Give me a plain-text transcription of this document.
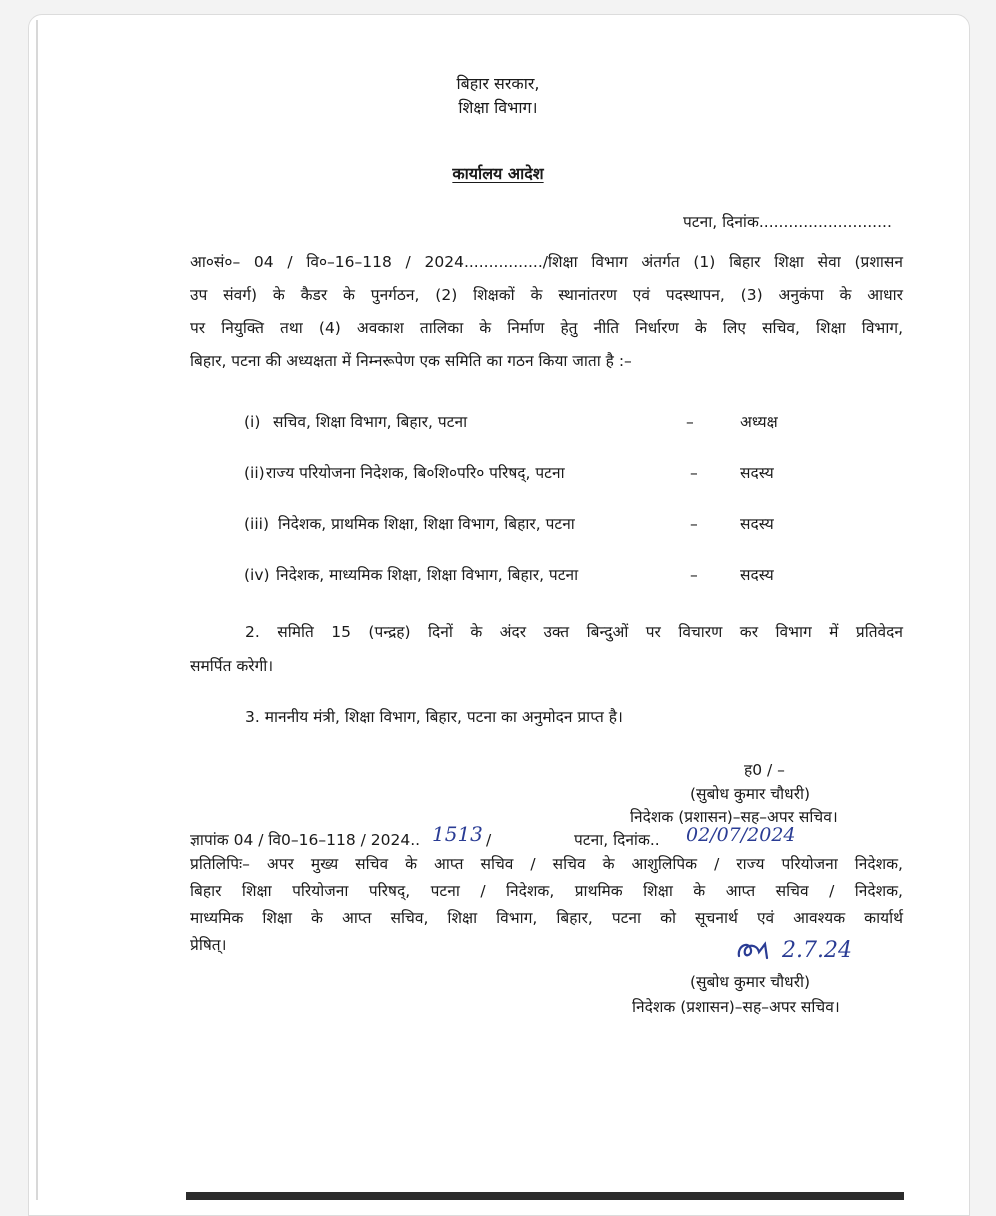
बिहार सरकार,
शिक्षा विभाग।
कार्यालय आदेश
पटना, दिनांक...........................
आ०सं०– 04 / वि०–16–118 / 2024................/शिक्षा विभाग अंतर्गत (1) बिहार शिक्षा सेवा (प्रशासन
उप संवर्ग) के कैडर के पुनर्गठन, (2) शिक्षकों के स्थानांतरण एवं पदस्थापन, (3) अनुकंपा के आधार
पर नियुक्ति तथा (4) अवकाश तालिका के निर्माण हेतु नीति निर्धारण के लिए सचिव, शिक्षा विभाग,
बिहार, पटना की अध्यक्षता में निम्नरूपेण एक समिति का गठन किया जाता है :–
(i) सचिव, शिक्षा विभाग, बिहार, पटना	–	अध्यक्ष
(ii) राज्य परियोजना निदेशक, बि०शि०परि० परिषद्, पटना	–	सदस्य
(iii) निदेशक, प्राथमिक शिक्षा, शिक्षा विभाग, बिहार, पटना	–	सदस्य
(iv) निदेशक, माध्यमिक शिक्षा, शिक्षा विभाग, बिहार, पटना	–	सदस्य
2. समिति 15 (पन्द्रह) दिनों के अंदर उक्त बिन्दुओं पर विचारण कर विभाग में प्रतिवेदन
समर्पित करेगी।
3. माननीय मंत्री, शिक्षा विभाग, बिहार, पटना का अनुमोदन प्राप्त है।
ह0 / –
(सुबोध कुमार चौधरी)
निदेशक (प्रशासन)–सह–अपर सचिव।
ज्ञापांक 04 / वि0–16–118 / 2024.. 1513 /	पटना, दिनांक.. 02/07/2024
प्रतिलिपिः– अपर मुख्य सचिव के आप्त सचिव / सचिव के आशुलिपिक / राज्य परियोजना निदेशक,
बिहार शिक्षा परियोजना परिषद्, पटना / निदेशक, प्राथमिक शिक्षा के आप्त सचिव / निदेशक,
माध्यमिक शिक्षा के आप्त सचिव, शिक्षा विभाग, बिहार, पटना को सूचनार्थ एवं आवश्यक कार्यार्थ
प्रेषित्।	2.7.24
(सुबोध कुमार चौधरी)
निदेशक (प्रशासन)–सह–अपर सचिव।
